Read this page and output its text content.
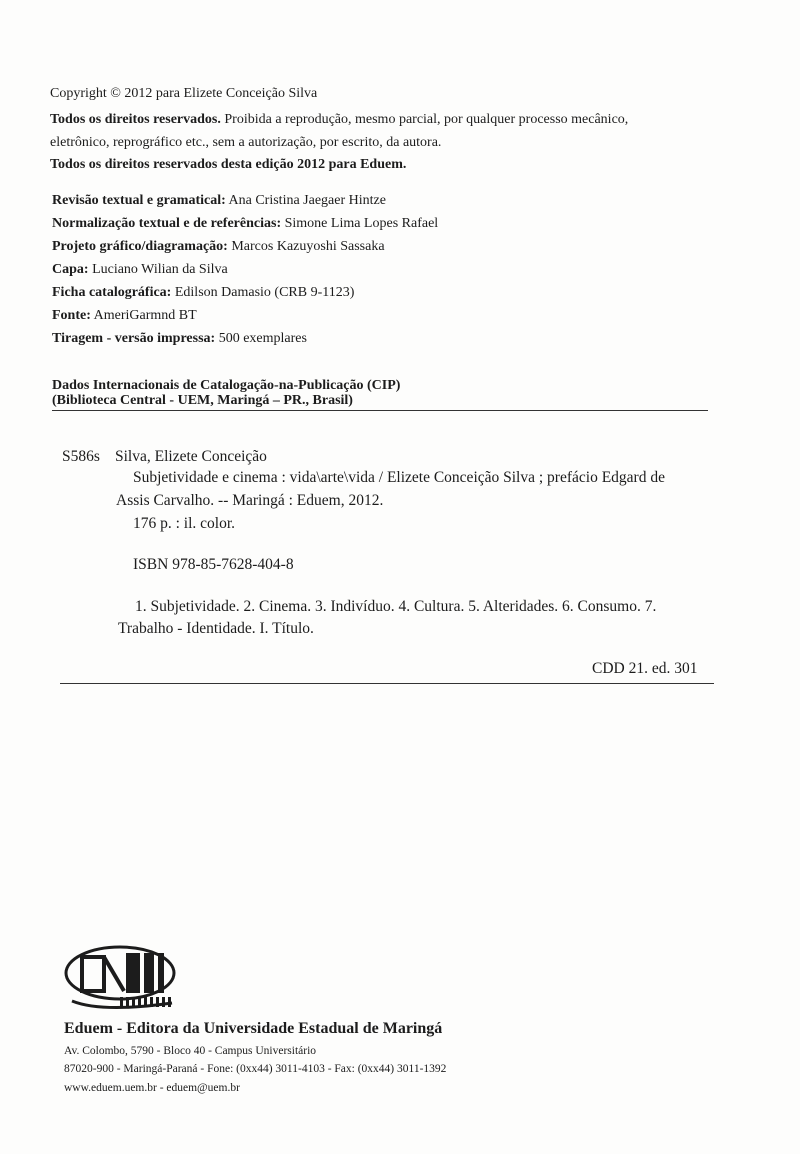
Copyright © 2012 para Elizete Conceição Silva
Todos os direitos reservados. Proibida a reprodução, mesmo parcial, por qualquer processo mecânico,
eletrônico, reprográfico etc., sem a autorização, por escrito, da autora.
Todos os direitos reservados desta edição 2012 para Eduem.
Revisão textual e gramatical: Ana Cristina Jaegaer Hintze
Normalização textual e de referências: Simone Lima Lopes Rafael
Projeto gráfico/diagramação: Marcos Kazuyoshi Sassaka
Capa: Luciano Wilian da Silva
Ficha catalográfica: Edilson Damasio (CRB 9-1123)
Fonte: AmeriGarmnd BT
Tiragem - versão impressa: 500 exemplares
Dados Internacionais de Catalogação-na-Publicação (CIP)
(Biblioteca Central - UEM, Maringá – PR., Brasil)
S586s Silva, Elizete Conceição
Subjetividade e cinema : vida\arte\vida / Elizete Conceição Silva ; prefácio Edgard de
Assis Carvalho. -- Maringá : Eduem, 2012.
176 p. : il. color.
ISBN 978-85-7628-404-8
1. Subjetividade. 2. Cinema. 3. Indivíduo. 4. Cultura. 5. Alteridades. 6. Consumo. 7.
Trabalho - Identidade. I. Título.
CDD 21. ed. 301
Eduem - Editora da Universidade Estadual de Maringá
Av. Colombo, 5790 - Bloco 40 - Campus Universitário
87020-900 - Maringá-Paraná - Fone: (0xx44) 3011-4103 - Fax: (0xx44) 3011-1392
www.eduem.uem.br - eduem@uem.br
